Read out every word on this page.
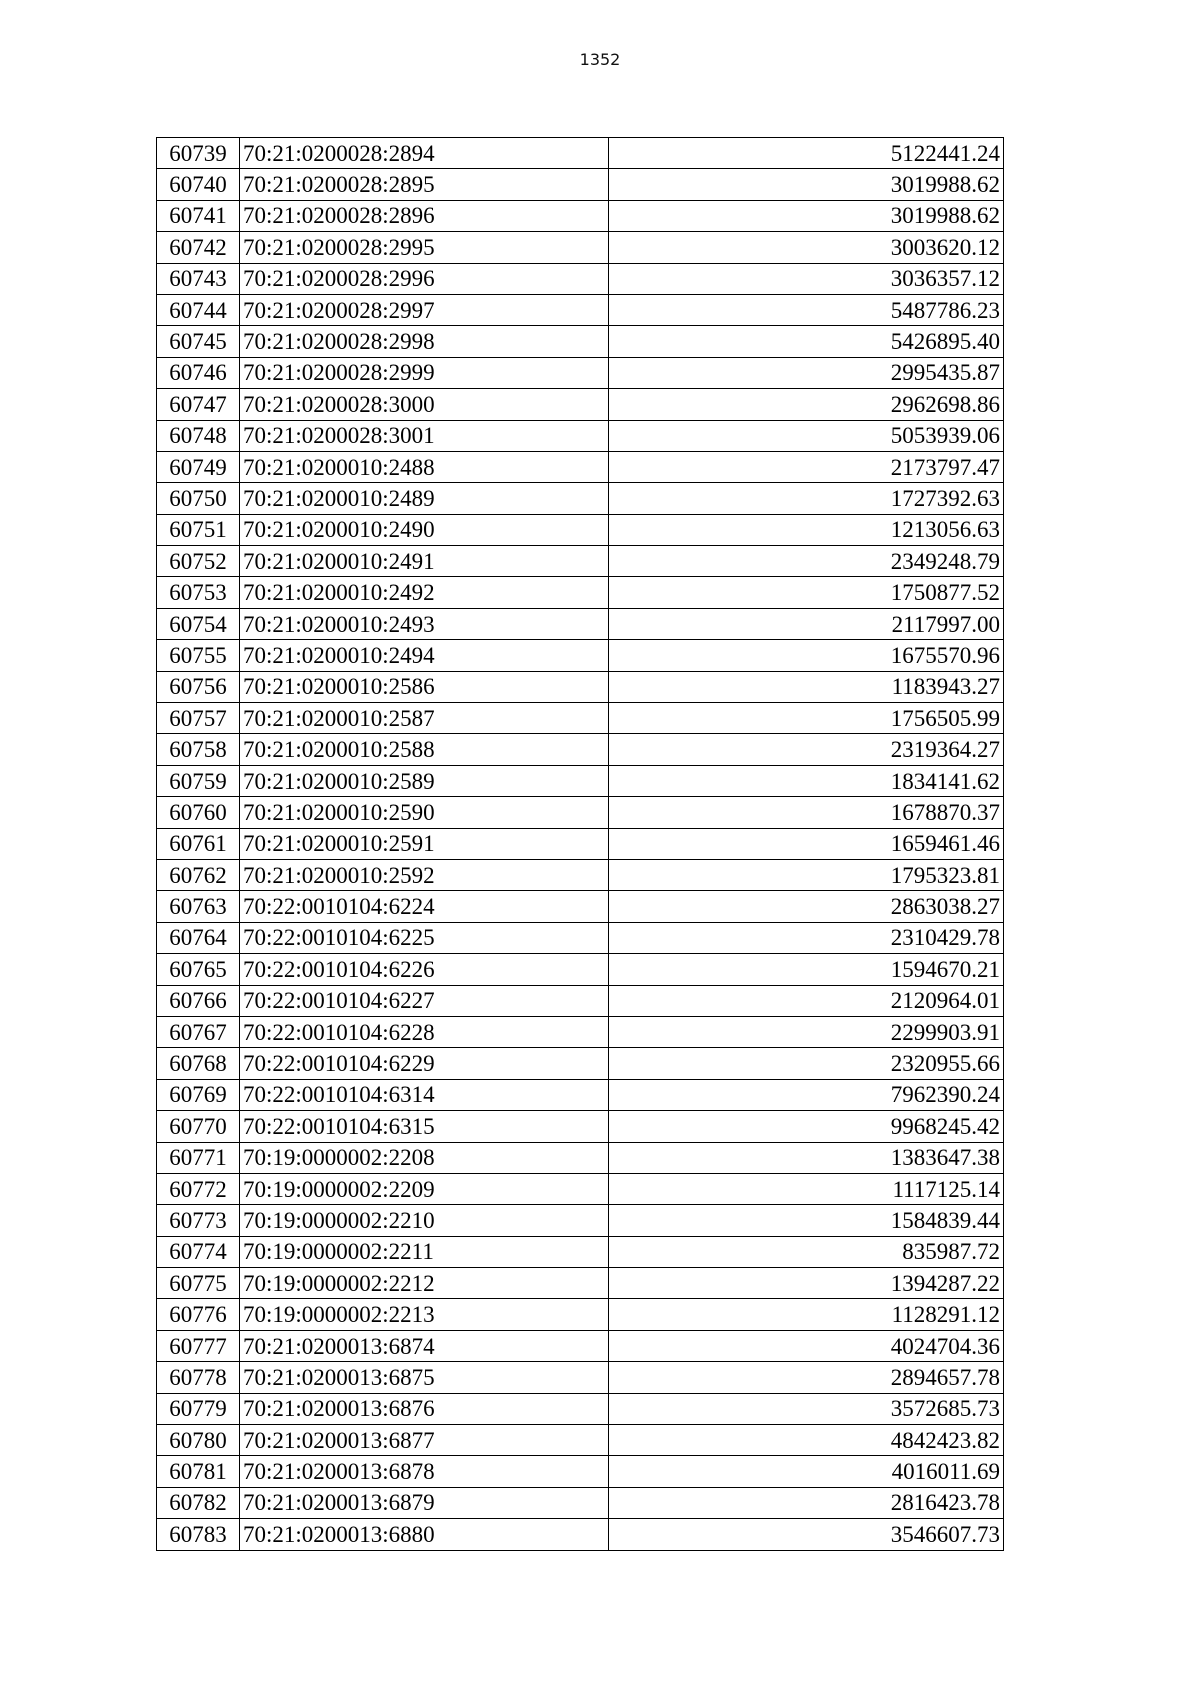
1352
60739	70:21:0200028:2894	5122441.24
60740	70:21:0200028:2895	3019988.62
60741	70:21:0200028:2896	3019988.62
60742	70:21:0200028:2995	3003620.12
60743	70:21:0200028:2996	3036357.12
60744	70:21:0200028:2997	5487786.23
60745	70:21:0200028:2998	5426895.40
60746	70:21:0200028:2999	2995435.87
60747	70:21:0200028:3000	2962698.86
60748	70:21:0200028:3001	5053939.06
60749	70:21:0200010:2488	2173797.47
60750	70:21:0200010:2489	1727392.63
60751	70:21:0200010:2490	1213056.63
60752	70:21:0200010:2491	2349248.79
60753	70:21:0200010:2492	1750877.52
60754	70:21:0200010:2493	2117997.00
60755	70:21:0200010:2494	1675570.96
60756	70:21:0200010:2586	1183943.27
60757	70:21:0200010:2587	1756505.99
60758	70:21:0200010:2588	2319364.27
60759	70:21:0200010:2589	1834141.62
60760	70:21:0200010:2590	1678870.37
60761	70:21:0200010:2591	1659461.46
60762	70:21:0200010:2592	1795323.81
60763	70:22:0010104:6224	2863038.27
60764	70:22:0010104:6225	2310429.78
60765	70:22:0010104:6226	1594670.21
60766	70:22:0010104:6227	2120964.01
60767	70:22:0010104:6228	2299903.91
60768	70:22:0010104:6229	2320955.66
60769	70:22:0010104:6314	7962390.24
60770	70:22:0010104:6315	9968245.42
60771	70:19:0000002:2208	1383647.38
60772	70:19:0000002:2209	1117125.14
60773	70:19:0000002:2210	1584839.44
60774	70:19:0000002:2211	835987.72
60775	70:19:0000002:2212	1394287.22
60776	70:19:0000002:2213	1128291.12
60777	70:21:0200013:6874	4024704.36
60778	70:21:0200013:6875	2894657.78
60779	70:21:0200013:6876	3572685.73
60780	70:21:0200013:6877	4842423.82
60781	70:21:0200013:6878	4016011.69
60782	70:21:0200013:6879	2816423.78
60783	70:21:0200013:6880	3546607.73
